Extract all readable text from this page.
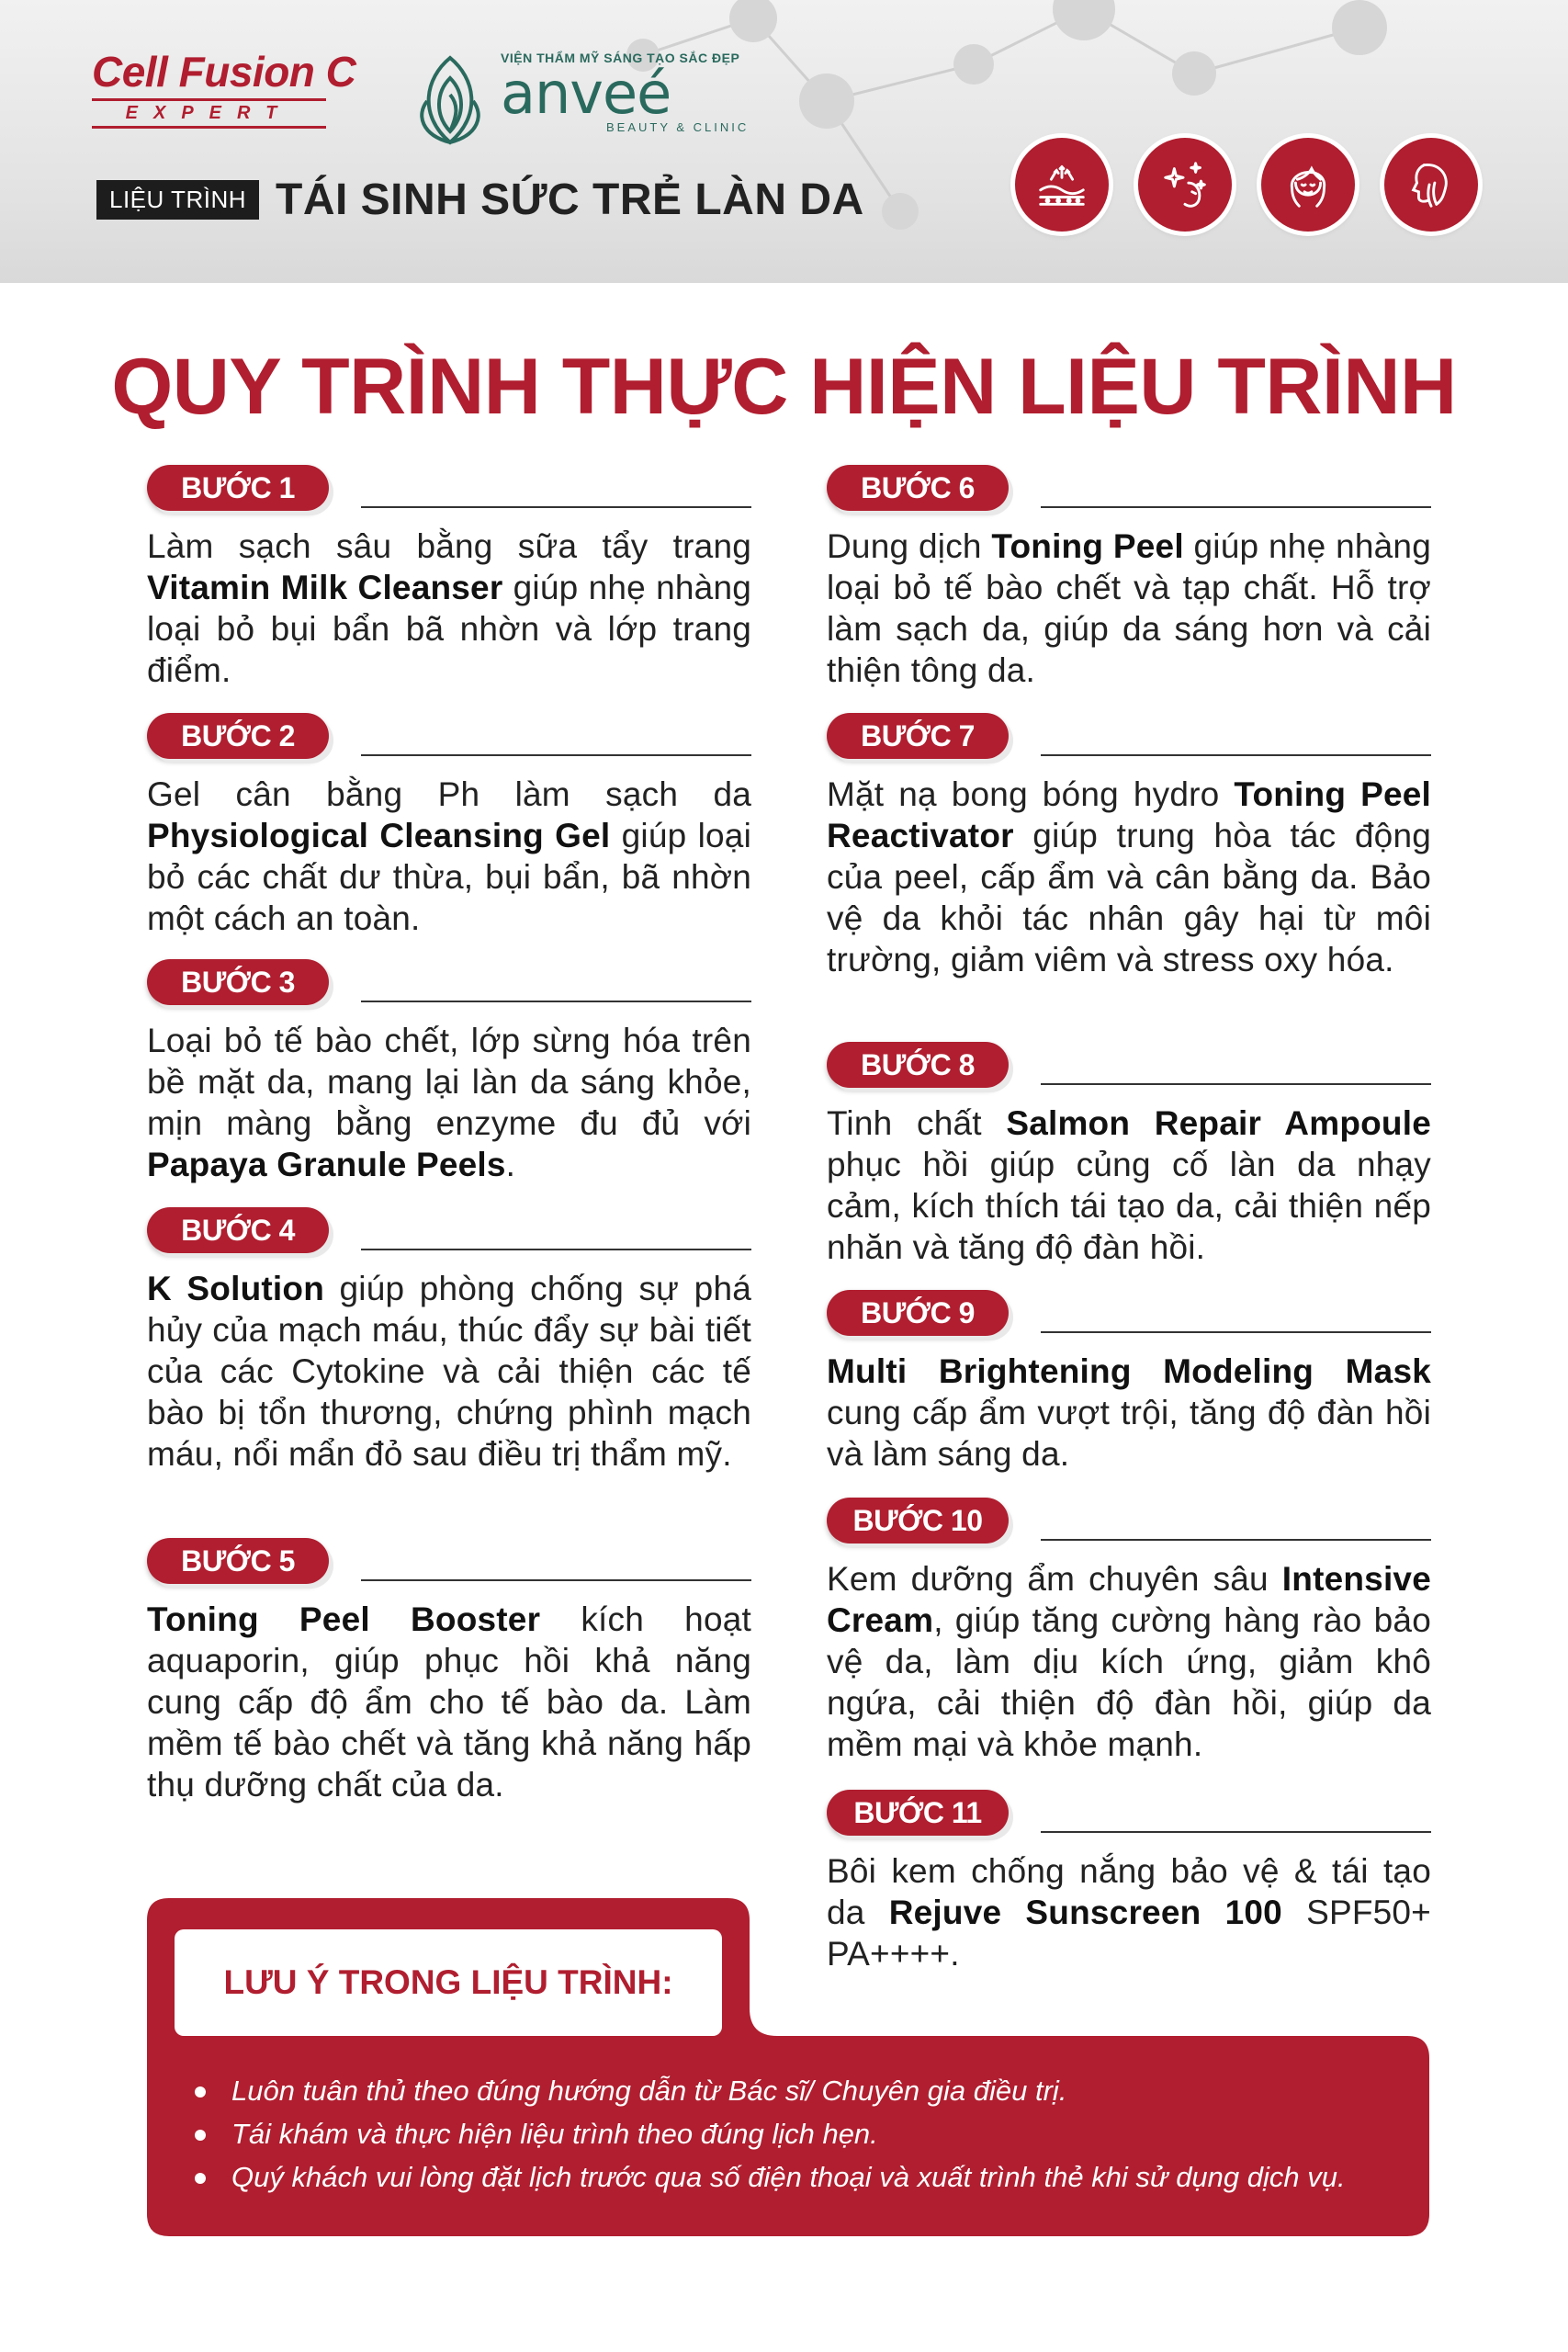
Cell Fusion C
EXPERT
VIỆN THẨM MỸ SÁNG TẠO SẮC ĐẸP
anveé
BEAUTY & CLINIC
LIỆU TRÌNH TÁI SINH SỨC TRẺ LÀN DA
QUY TRÌNH THỰC HIỆN LIỆU TRÌNH
BƯỚC 1
Làm sạch sâu bằng sữa tẩy trang Vitamin Milk Cleanser giúp nhẹ nhàng loại bỏ bụi bẩn bã nhờn và lớp trang điểm.
BƯỚC 2
Gel cân bằng Ph làm sạch da Physiological Cleansing Gel giúp loại bỏ các chất dư thừa, bụi bẩn, bã nhờn một cách an toàn.
BƯỚC 3
Loại bỏ tế bào chết, lớp sừng hóa trên bề mặt da, mang lại làn da sáng khỏe, mịn màng bằng enzyme đu đủ với Papaya Granule Peels.
BƯỚC 4
K Solution giúp phòng chống sự phá hủy của mạch máu, thúc đẩy sự bài tiết của các Cytokine và cải thiện các tế bào bị tổn thương, chứng phình mạch máu, nổi mẩn đỏ sau điều trị thẩm mỹ.
BƯỚC 5
Toning Peel Booster kích hoạt aquaporin, giúp phục hồi khả năng cung cấp độ ẩm cho tế bào da. Làm mềm tế bào chết và tăng khả năng hấp thụ dưỡng chất của da.
BƯỚC 6
Dung dịch Toning Peel giúp nhẹ nhàng loại bỏ tế bào chết và tạp chất. Hỗ trợ làm sạch da, giúp da sáng hơn và cải thiện tông da.
BƯỚC 7
Mặt nạ bong bóng hydro Toning Peel Reactivator giúp trung hòa tác động của peel, cấp ẩm và cân bằng da. Bảo vệ da khỏi tác nhân gây hại từ môi trường, giảm viêm và stress oxy hóa.
BƯỚC 8
Tinh chất Salmon Repair Ampoule phục hồi giúp củng cố làn da nhạy cảm, kích thích tái tạo da, cải thiện nếp nhăn và tăng độ đàn hồi.
BƯỚC 9
Multi Brightening Modeling Mask cung cấp ẩm vượt trội, tăng độ đàn hồi và làm sáng da.
BƯỚC 10
Kem dưỡng ẩm chuyên sâu Intensive Cream, giúp tăng cường hàng rào bảo vệ da, làm dịu kích ứng, giảm khô ngứa, cải thiện độ đàn hồi, giúp da mềm mại và khỏe mạnh.
BƯỚC 11
Bôi kem chống nắng bảo vệ & tái tạo da Rejuve Sunscreen 100 SPF50+ PA++++.
LƯU Ý TRONG LIỆU TRÌNH:
Luôn tuân thủ theo đúng hướng dẫn từ Bác sĩ/ Chuyên gia điều trị.
Tái khám và thực hiện liệu trình theo đúng lịch hẹn.
Quý khách vui lòng đặt lịch trước qua số điện thoại và xuất trình thẻ khi sử dụng dịch vụ.
